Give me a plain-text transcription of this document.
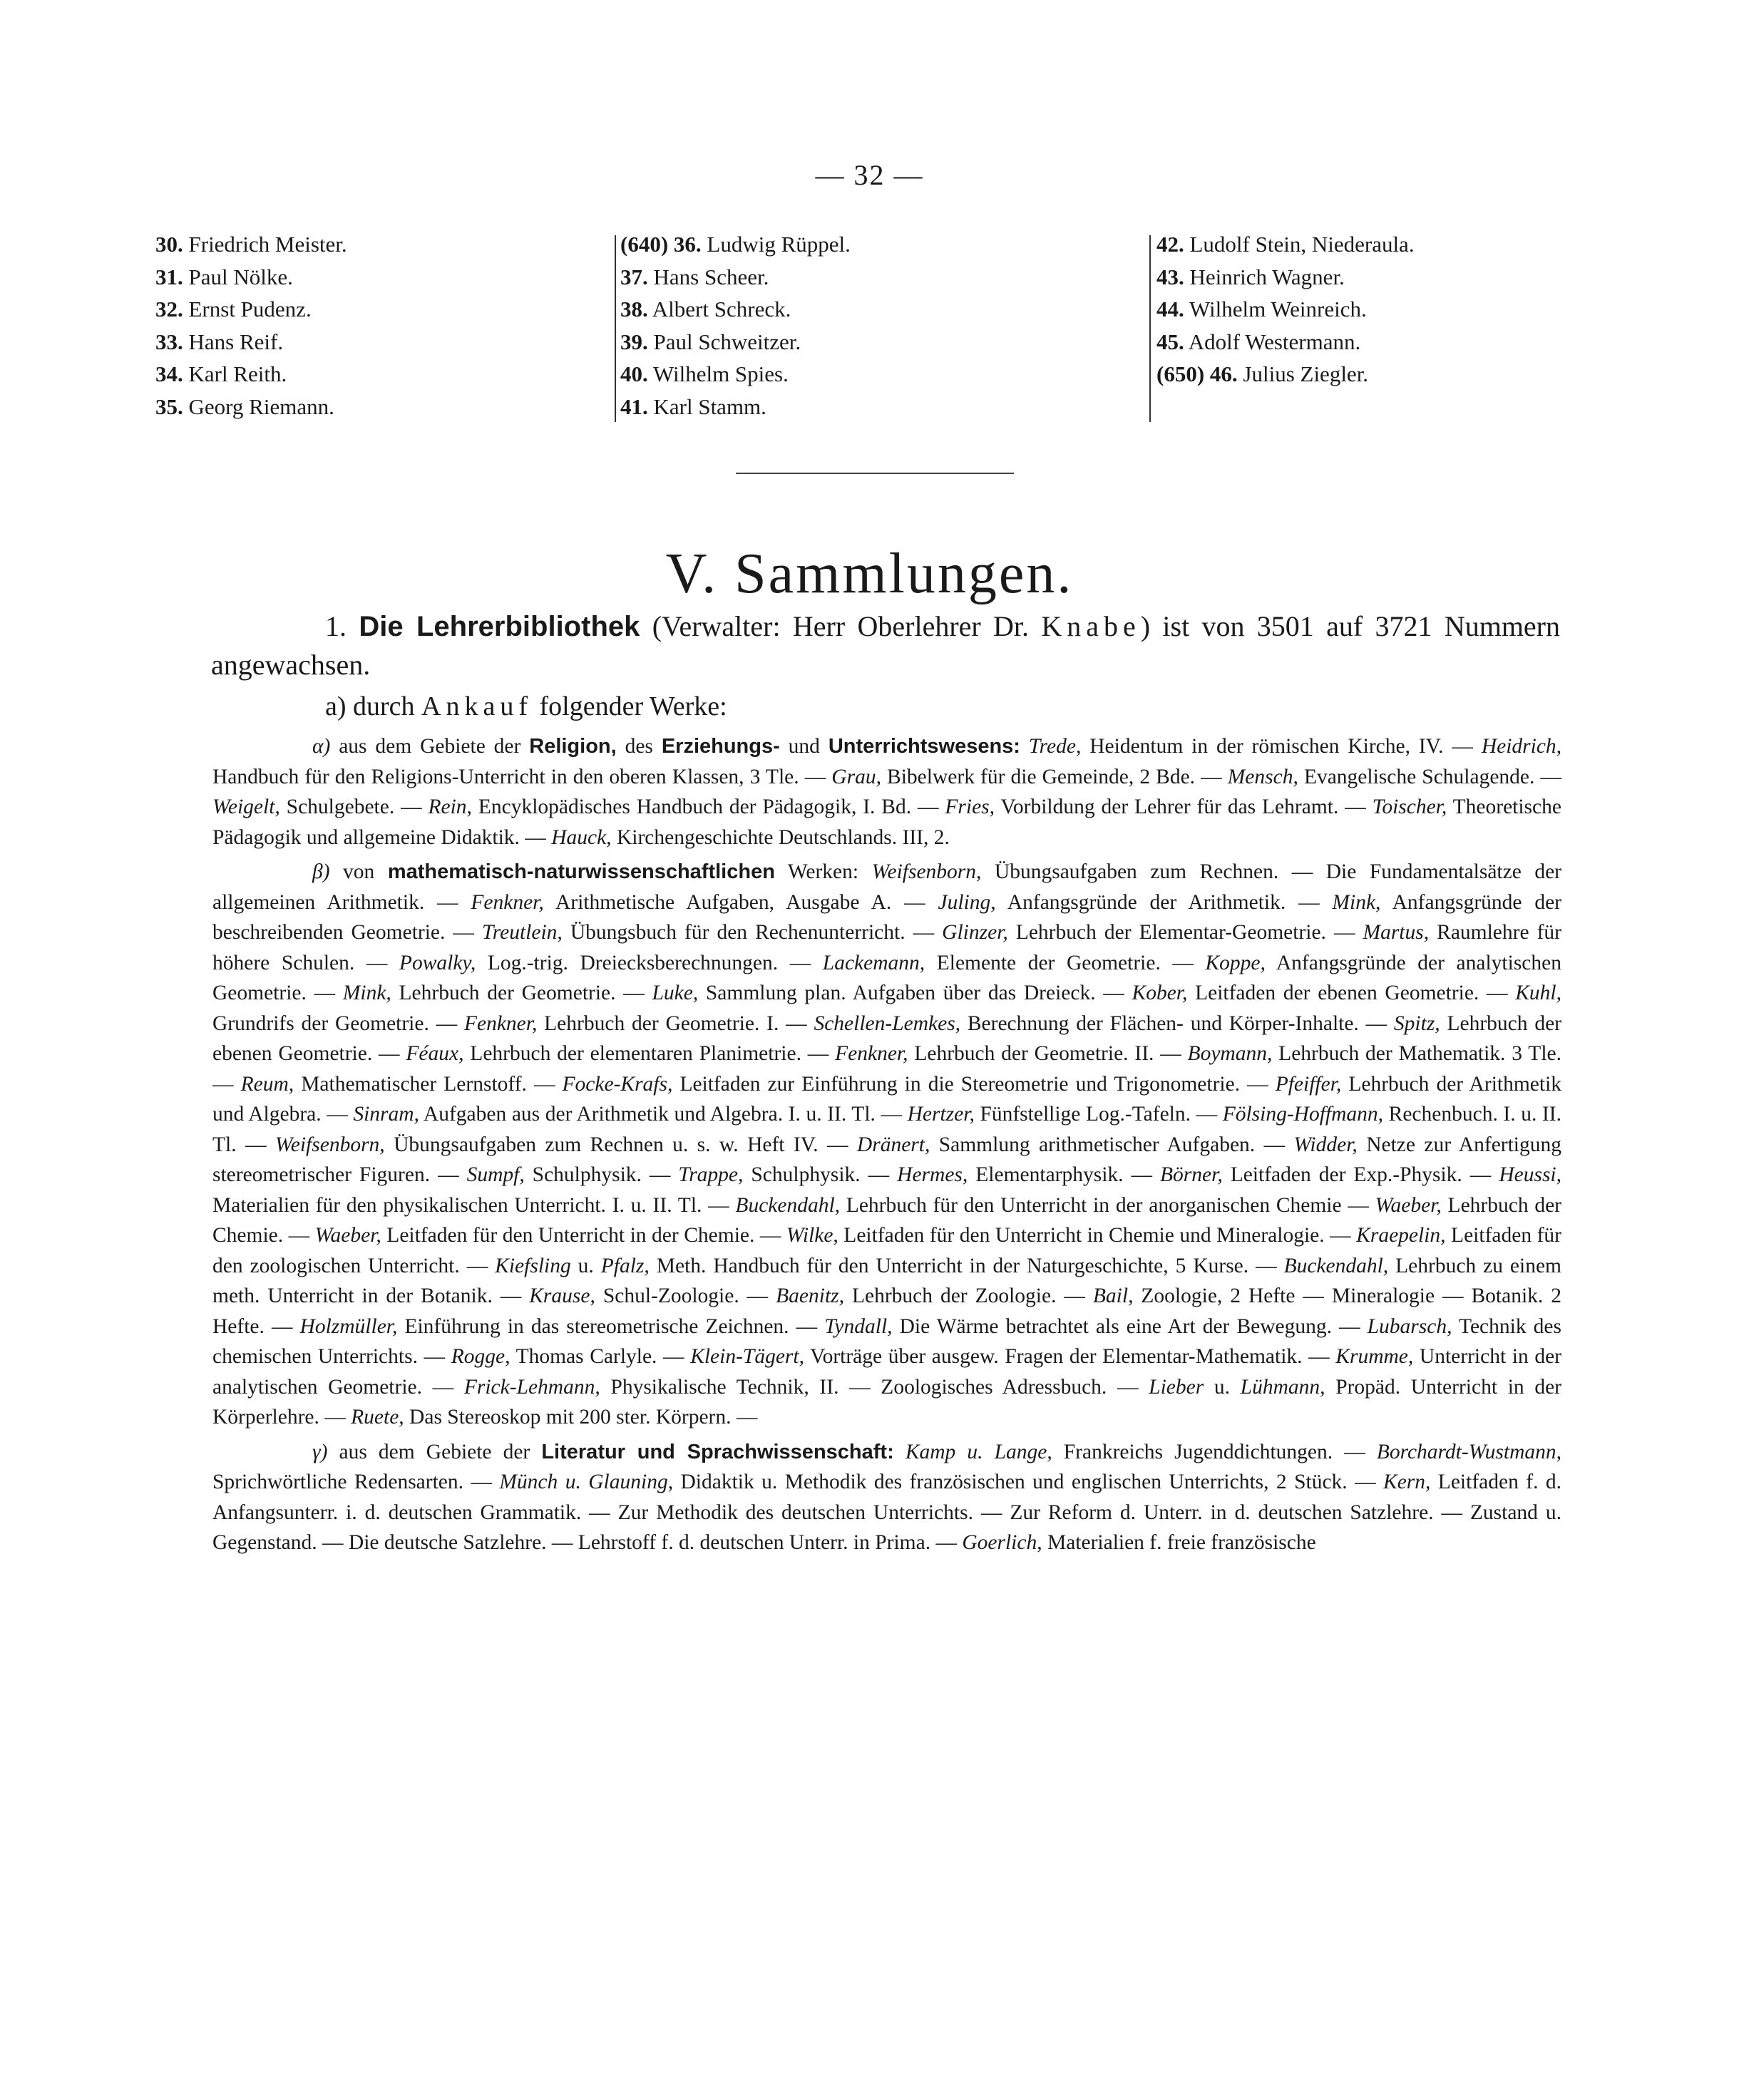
— 32 —
30. Friedrich Meister.
31. Paul Nölke.
32. Ernst Pudenz.
33. Hans Reif.
34. Karl Reith.
35. Georg Riemann.
(640) 36. Ludwig Rüppel.
37. Hans Scheer.
38. Albert Schreck.
39. Paul Schweitzer.
40. Wilhelm Spies.
41. Karl Stamm.
42. Ludolf Stein, Niederaula.
43. Heinrich Wagner.
44. Wilhelm Weinreich.
45. Adolf Westermann.
(650) 46. Julius Ziegler.
V. Sammlungen.
1. Die Lehrerbibliothek (Verwalter: Herr Oberlehrer Dr. Knabe) ist von 3501 auf 3721 Nummern angewachsen.
a) durch Ankauf folgender Werke:

α) aus dem Gebiete der Religion, des Erziehungs- und Unterrichtswesens: Trede, Heidentum in der römischen Kirche, IV. — Heidrich, Handbuch für den Religions-Unterricht in den oberen Klassen, 3 Tle. — Grau, Bibelwerk für die Gemeinde, 2 Bde. — Mensch, Evangelische Schulagende. — Weigelt, Schulgebete. — Rein, Encyklopädisches Handbuch der Pädagogik, I. Bd. — Fries, Vorbildung der Lehrer für das Lehramt. — Toischer, Theoretische Pädagogik und allgemeine Didaktik. — Hauck, Kirchengeschichte Deutschlands. III, 2.

β) von mathematisch-naturwissenschaftlichen Werken: Weifsenborn, Übungsaufgaben zum Rechnen. — Die Fundamentalsätze der allgemeinen Arithmetik. — Fenkner, Arithmetische Aufgaben, Ausgabe A. — Juling, Anfangsgründe der Arithmetik. — Mink, Anfangsgründe der beschreibenden Geometrie. — Treutlein, Übungsbuch für den Rechenunterricht. — Glinzer, Lehrbuch der Elementar-Geometrie. — Martus, Raumlehre für höhere Schulen. — Powalky, Log.-trig. Dreiecksberechnungen. — Lackemann, Elemente der Geometrie. — Koppe, Anfangsgründe der analytischen Geometrie. — Mink, Lehrbuch der Geometrie. — Luke, Sammlung plan. Aufgaben über das Dreieck. — Kober, Leitfaden der ebenen Geometrie. — Kuhl, Grundrifs der Geometrie. — Fenkner, Lehrbuch der Geometrie. I. — Schellen-Lemkes, Berechnung der Flächen- und Körper-Inhalte. — Spitz, Lehrbuch der ebenen Geometrie. — Féaux, Lehrbuch der elementaren Planimetrie. — Fenkner, Lehrbuch der Geometrie. II. — Boymann, Lehrbuch der Mathematik. 3 Tle. — Reum, Mathematischer Lernstoff. — Focke-Krafs, Leitfaden zur Einführung in die Stereometrie und Trigonometrie. — Pfeiffer, Lehrbuch der Arithmetik und Algebra. — Sinram, Aufgaben aus der Arithmetik und Algebra. I. u. II. Tl. — Hertzer, Fünfstellige Log.-Tafeln. — Fölsing-Hoffmann, Rechenbuch. I. u. II. Tl. — Weifsenborn, Übungsaufgaben zum Rechnen u. s. w. Heft IV. — Dränert, Sammlung arithmetischer Aufgaben. — Widder, Netze zur Anfertigung stereometrischer Figuren. — Sumpf, Schulphysik. — Trappe, Schulphysik. — Hermes, Elementarphysik. — Börner, Leitfaden der Exp.-Physik. — Heussi, Materialien für den physikalischen Unterricht. I. u. II. Tl. — Buckendahl, Lehrbuch für den Unterricht in der anorganischen Chemie — Waeber, Lehrbuch der Chemie. — Waeber, Leitfaden für den Unterricht in der Chemie. — Wilke, Leitfaden für den Unterricht in Chemie und Mineralogie. — Kraepelin, Leitfaden für den zoologischen Unterricht. — Kiefsling u. Pfalz, Meth. Handbuch für den Unterricht in der Naturgeschichte, 5 Kurse. — Buckendahl, Lehrbuch zu einem meth. Unterricht in der Botanik. — Krause, Schul-Zoologie. — Baenitz, Lehrbuch der Zoologie. — Bail, Zoologie, 2 Hefte — Mineralogie — Botanik. 2 Hefte. — Holzmüller, Einführung in das stereometrische Zeichnen. — Tyndall, Die Wärme betrachtet als eine Art der Bewegung. — Lubarsch, Technik des chemischen Unterrichts. — Rogge, Thomas Carlyle. — Klein-Tägert, Vorträge über ausgew. Fragen der Elementar-Mathematik. — Krumme, Unterricht in der analytischen Geometrie. — Frick-Lehmann, Physikalische Technik, II. — Zoologisches Adressbuch. — Lieber u. Lühmann, Propäd. Unterricht in der Körperlehre. — Ruete, Das Stereoskop mit 200 ster. Körpern. —

γ) aus dem Gebiete der Literatur und Sprachwissenschaft: Kamp u. Lange, Frankreichs Jugenddichtungen. — Borchardt-Wustmann, Sprichwörtliche Redensarten. — Münch u. Glauning, Didaktik u. Methodik des französischen und englischen Unterrichts, 2 Stück. — Kern, Leitfaden f. d. Anfangsunterr. i. d. deutschen Grammatik. — Zur Methodik des deutschen Unterrichts. — Zur Reform d. Unterr. in d. deutschen Satzlehre. — Zustand u. Gegenstand. — Die deutsche Satzlehre. — Lehrstoff f. d. deutschen Unterr. in Prima. — Goerlich, Materialien f. freie französische
